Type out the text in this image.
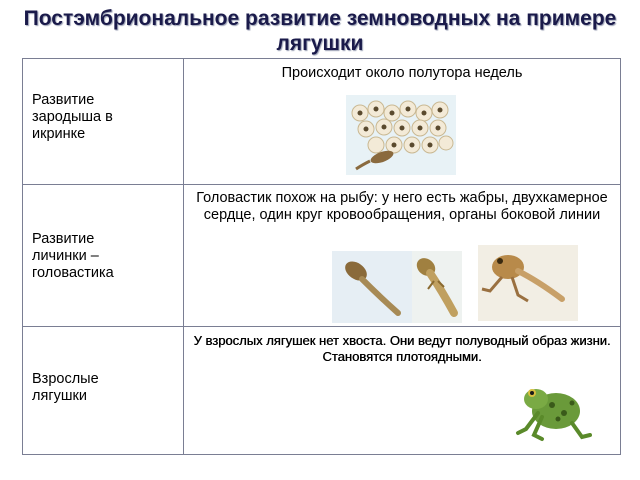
Постэмбриональное развитие земноводных на примере лягушки
Развитие зародыша в икринке	Происходит около полутора недель

Развитие личинки – головастика	Головастик похож на рыбу: у него есть жабры, двухкамерное сердце, один круг кровообращения, органы боковой линии

Взрослые лягушки	У взрослых лягушек нет хвоста. Они ведут полуводный образ жизни. Становятся плотоядными.
